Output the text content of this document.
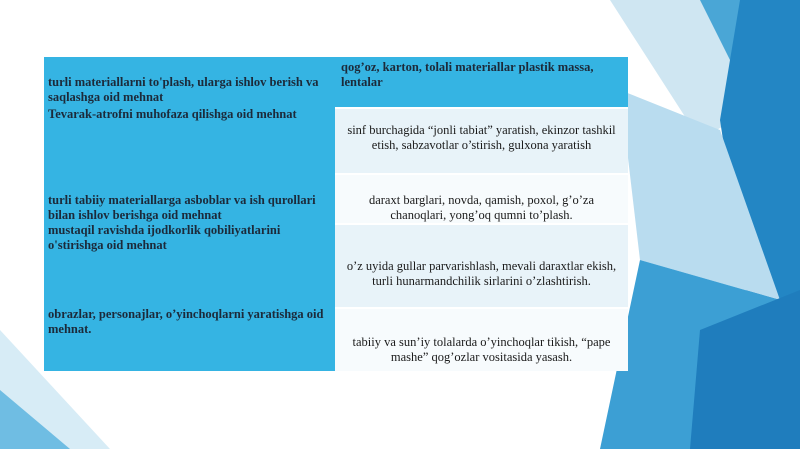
turli materiallarni to'plash, ularga ishlov berish va saqlashga oid mehnat
qog’oz, karton, tolali materiallar plastik massa, lentalar
Tevarak-atrofni muhofaza qilishga oid mehnat
sinf burchagida “jonli tabiat” yaratish, ekinzor tashkil etish, sabzavotlar o’stirish, gulxona yaratish
turli tabiiy materiallarga asboblar va ish qurollari bilan ishlov berishga oid mehnat
daraxt barglari, novda, qamish, poxol, g’o’za chanoqlari, yong’oq qumni to’plash.
mustaqil ravishda ijodkorlik qobiliyatlarini o'stirishga oid mehnat
o’z uyida gullar parvarishlash, mevali daraxtlar ekish, turli hunarmandchilik sirlarini o’zlashtirish.
obrazlar, personajlar, o’yinchoqlarni yaratishga oid mehnat.
tabiiy va sun’iy tolalarda o’yinchoqlar tikish, “pape mashe” qog’ozlar vositasida yasash.
